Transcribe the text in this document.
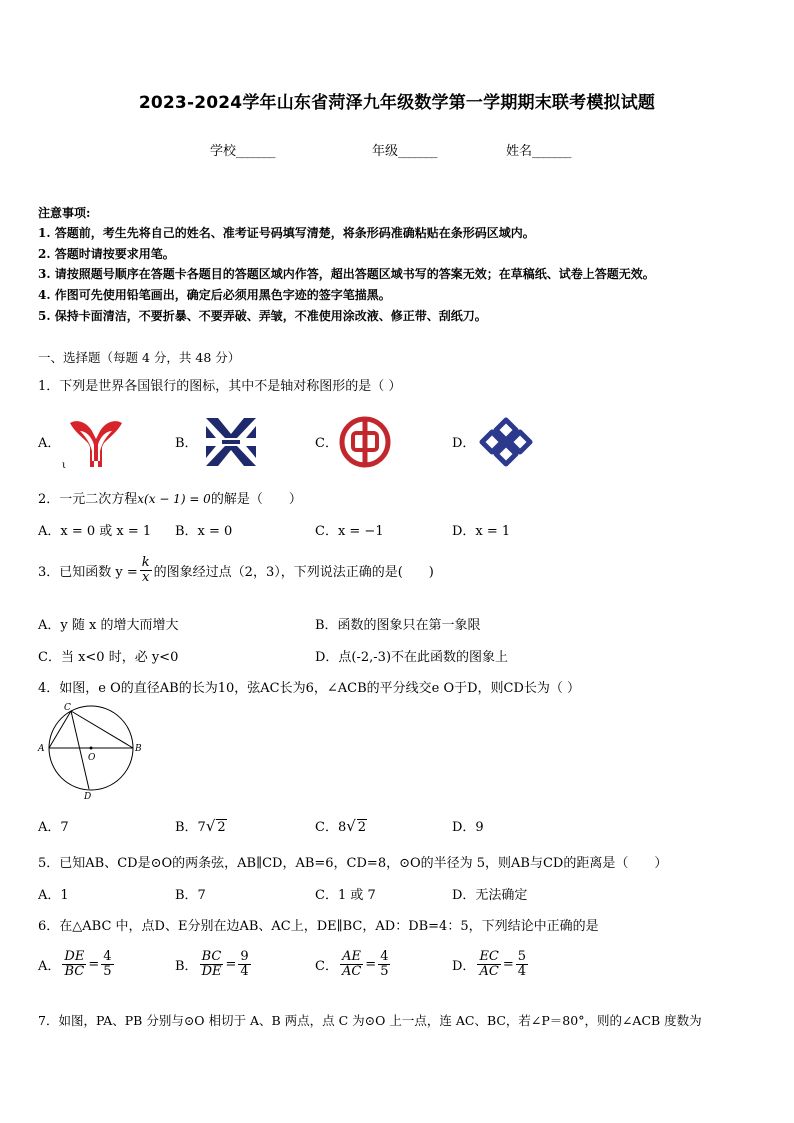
2023-2024学年山东省菏泽九年级数学第一学期期末联考模拟试题
学校_______	年级_______	姓名_______
注意事项:
1. 答题前，考生先将自己的姓名、准考证号码填写清楚，将条形码准确粘贴在条形码区域内。
2. 答题时请按要求用笔。
3. 请按照题号顺序在答题卡各题目的答题区域内作答，超出答题区域书写的答案无效；在草稿纸、试卷上答题无效。
4. 作图可先使用铅笔画出，确定后必须用黑色字迹的签字笔描黑。
5. 保持卡面清洁，不要折暴、不要弄破、弄皱，不准使用涂改液、修正带、刮纸刀。
一、选择题（每题 4 分，共 48 分）
1．下列是世界各国银行的图标，其中不是轴对称图形的是（ ）
A．	B．	C．	D．
ι
2．一元二次方程x(x − 1) = 0的解是（　　）
A．x = 0 或 x = 1 B．x = 0	C．x = −1	D．x = 1
3．已知函数 $y = \frac{k}{x}$ 的图象经过点（2，3），下列说法正确的是(　　)
A．y 随 x 的增大而增大	B．函数的图象只在第一象限
C．当 x<0 时，必 y<0	D．点(-2,-3)不在此函数的图象上
4．如图，e O的直径AB的长为10，弦AC长为6，∠ACB的平分线交e O于D，则CD长为（ ）
C
A	B
O
D
A．7	B．7√ 2	C．8√ 2	D．9
5．已知AB、CD是⊙O的两条弦，AB∥CD，AB=6，CD=8，⊙O的半径为 5，则AB与CD的距离是（　　）
A．1	B．7	C．1 或 7	D．无法确定
6．在△ABC 中，点D、E分别在边AB、AC上，DE∥BC，AD：DB=4：5，下列结论中正确的是
A． $\frac{DE}{BC} = \frac{4}{5}$	B． $\frac{BC}{DE} = \frac{9}{4}$	C． $\frac{AE}{AC} = \frac{4}{5}$	D． $\frac{EC}{AC} = \frac{5}{4}$
7．如图，PA、PB 分别与⊙O 相切于 A、B 两点，点 C 为⊙O 上一点，连 AC、BC，若∠P＝80°，则的∠ACB 度数为
